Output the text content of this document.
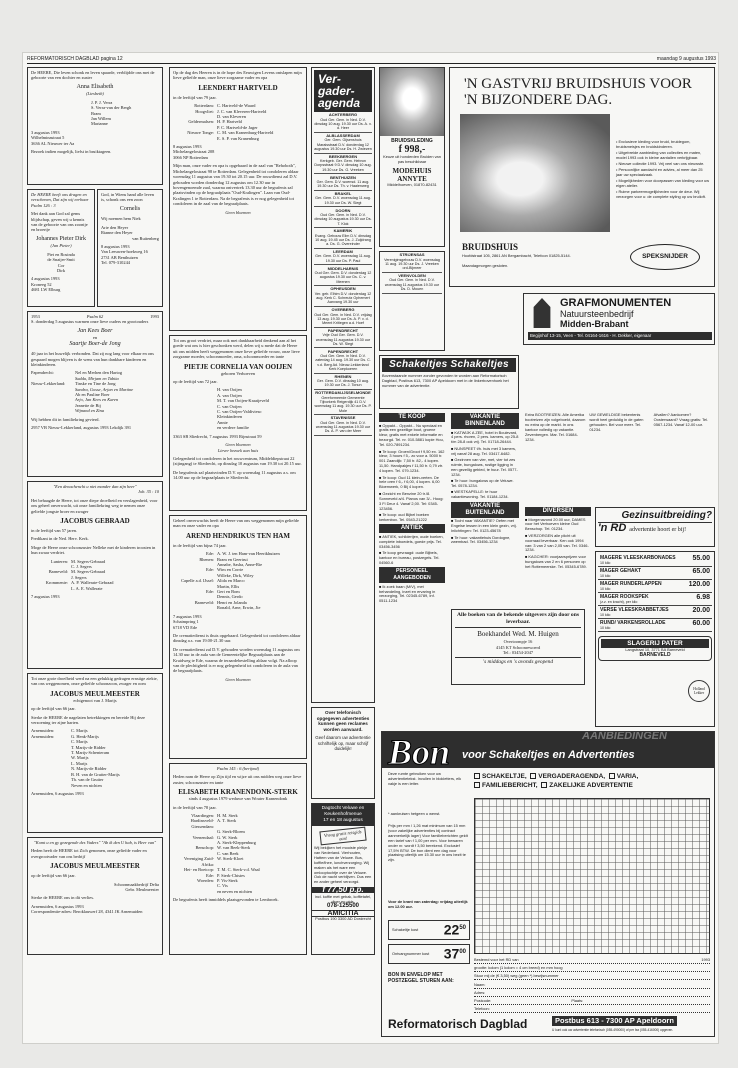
REFORMATORISCH DAGBLAD pagina 12	maandag 9 augustus 1993
De HEERE, Die leven schonk en leven spaarde, verblijdde ons met de geboorte van een dochter en zuster
Anna Elisabeth
(Liesbeth)
J. P. J. Verra
S. Verra-van der Bergh
Bram
Jan Willem
Marianne
3 augustus 1993
Wilhelminastraat 5
3636 AL Nieuwer ter Aa
Bezoek indien mogelijk, liefst in bruiktageen.
De HEERE heeft ons dragen en verschenen, Dat zijn wij eerbaar
Psalm 126 : 3
Met dank aan God zal gems blijdschap, geven wij u kennis van de geboorte van ons zoontje en broertje
Johannes Pieter Dirk
(Jan Pieter)
Piet en Rosinda
de Snaijer-Smit
Cor
Dirk
4 augustus 1993
Kroneeg 52
4681 LW Elburg
God, in Wiens hand alle leven is, schonk ons een zoon
Cornelis
Wij noemen hem Niek
Arie den Heyer
Rianne den Heyer
van Ruitenberg
8 augustus 1993
Van Leeuwen-hoekweg 16
2731 AB Benthuizen
Tel. 079-310244
1953	Psalm 62	1993
S. donderdag 5 augustus warmen onze lieve ouders en grootouders
Jan Kees Boer
en
Saartje Boer-de Jong
40 jaar in het huwelijk verbonden. Dat zij nog lang voor elkaar en ons gespaard mogen blijven is de wens van hun dankbare kinderen en kleinkinderen.
Papendrecht:	Nel en Merhen den Hartog
Sadda, Mirjam en Tabita
Nieuw-Lekkerland:	Tinske en Tine de Jong
Sandra, Gosse, Arjan en Martine
Ab en Pauline Boer
Arjo, Jan Kees en Karen
Jeanette de Bij
Wijnand en Zina
Wij hebben dit in familiekring gevierd.
2957 VB Nieuw-Lekkerland, augustus 1993 Lekdijk 391
"Een denachencht u niet mander dan zijn heer"
Job. 35 : 10
Het behaagde de Heere, tot onze diepe droefheid en verslagenheid, voor ons geheel onverwacht, uit onze familiekring weg te nemen onze geliefde jongste broer en zwager
JACOBUS GEBRAAD
in de leeftijd van 57 jaren.
Predikant in de Ned. Herv. Kerk.
Moge de Heere onze schoonzuster Nelleke met de kinderen troosten in hun zwaar verdriet.
Lunteren: M. Segers-Gebraad
C. J. Segers
Barneveld: M. Segers-Gebraad
J. Segers
Krommenie: A. P. Wallerate-Gebraad
L. A. E. Wallerate
7 augustus 1993
Tot onze grote droefheid werd na een gelukkig gedragen ernstige ziekte, van ons weggenomen, onze geliefde schoonzoon, zwager en oom
JACOBUS MEULMEESTER
echtgenoot van J. Marijs
op de leeftijd van 66 jaar.
Sterke de HEERE de nagelaten betrekkingen en bereide Hij deze verzoening ter zijne harten.
Arnemuiden:
Arnemuiden:
C. Marijs
G. Henk-Marijs
C. Marijs
T. Marijs-de Ridder
T. Marijs-Schenteram
W. Marijs
L. Marijs
N. Marijs-de Ridder
B. H. van de Grutter-Marijs
Th. van de Grutter
Neven en nichten
Arnemuiden, 6 augustus 1993
"Komt u en gy gezegende des Vaders" "Ab ik den U hab, is Heer van"
Heden heeft de HEERE tot Zich genomen, onze geliefde vader en overgrootvader van ons bedrijf
JACOBUS MEULMEESTER
op de leeftijd van 66 jaar.
Schoonmaakbedrijf Delta
Gebr. Meulmeester
Sterke de HEERE ons in dit verlies.
Arnemuiden, 6 augustus 1993
Correspondentie-adres: Beroklauwerf 28, 4341 JK Arnemuiden
Op de dag des Heeren is in de hope des Eeuwigen Levens ontslapen mijn lieve geliefde man, onze lieve zorgzame vader en opa
LEENDERT HARTVELD
in de leeftijd van 79 jaar.
Rotterdam: C. Hartveld-de Waard
Hoogvliet: J. C. van Kleveren-Hartveld
D. van Kleveren
Geldermalsen: H. P. Hartveld
P. C. Hartveld-de Jager
Nieuwe Tonge: C. M. van Kranenburg-Hartveld
E. S. P. van Kranenburg
8 augustus 1993
Michelangelostraat 208
3066 NP Rotterdam
Mijn man, onze vader en opa is opgebaard in de zaal van "Rehoboth", Michelangelostraat 98 te Rotterdam. Gelegenheid tot condoleren aldaar woensdag 11 augustus van 19.30 tot 20.15 uur. De rouwdienst zal D.V. gehouden worden donderdag 12 augustus om 12.30 uur in bovengenoemde zaal, waarna ontvertrek 13.30 uur de begrafenis zal plaatsvinden op de begraafplaats "Oud-Kralingen". Laan van Oud-Kralingen 1 te Rotterdam. Na de begrafenis is er nog gelegenheid tot condoleren in de zaal van de begraafplaats.
Geen bloemen
Tot ons groot verdriet, maar ook met dankbaarheid denkend aan al het goede wat ons is hier geschonken werd, delen wij u mede dat de Heere uit ons midden heeft weggenomen onze lieve geliefde vrouw, onze lieve zorgzame moeder, schoonmoeder, oma, schoonmoeder en tante
PIETJE CORNELIA VAN OOIJEN
geboren Verhoeven
op de leeftijd van 72 jaar.
H. van Ooijen
A. van Ooijen
M. T. van Ooijen-Kraaijeveld
C. van Ooijen
C. van Ooijen-Valdivieso
Kleinkinderen
Annie
en verdere familie
3363 SB Sliedrecht, 7 augustus 1993 Rijnstraat 59
Geen bloemen
Liever bezoek aan huis
Gelegenheid tot condoleren in het rouwcentrum, Middeldiepstraat 22 (zijingang) te Sliedrecht, op dinsdag 10 augustus van 19.30 tot 20.15 uur.
De begrafenis zal plaatsvinden D.V. op woensdag 11 augustus a.s. om 14.00 uur op de begraafplaats te Sliedrecht.
Geheel onverwachts heeft de Heere van ons weggenomen mijn geliefde man en onze vader en opa
AREND HENDRIKUS TEN HAM
in de leeftijd van bijna 74 jaar.
Ede: A. W. J. ten Ham-van Heerikhuizen
Rhenen: Bram en Geertrui
Annabe, Sasha, Anne-Rie
Ede: Wim en Corrie
Willeke, Dirk, Wiley
Capelle a.d. IJssel: Alida en Marco
Martin, Ellis
Ede: Gert en Bom
Dennis, Gerdo
Barneveld: Henri en Jolanda
Ronald, Arne, Erwin, Jie
7 augustus 1993
Schaimpring 1
6718 VD Ede
De crematiedienst is thuis opgebaard. Gelegenheid tot condoleren aldaar dinsdag a.s. van 19.00-21.30 uur.
De crematiedienst zal D.V. gehouden worden woensdag 11 augustus om 14.30 uur in de aula van de Gemeentelijke Begraafplaats aan de Kruidweg te Ede, waarna de teraardebestelling aldaar volgt. Na afloop van de plechtigheid is er nog gelegenheid tot condoleren in de aula van de begraafplaats.
Geen bloemen
Psalm 145 : 6 (berijmd)
Heden nam de Heere op Zijn tijd en wijze uit ons midden weg onze lieve zuster, schoonzuster en tante
ELISABETH KRANENDONK-STERK
sinds 4 augustus 1979 weduwe van Wouter Kranendonk
in de leeftijd van 78 jaar.
Vlaardingen: H. M. Sterk
Hardinxveld-Giessendam:
A. T. Sterk
G. Sterk-Bloem
Veenendaal: G. W. Sterk
A. Sterk-Kleppenburg
Benschop: W. van Beek-Sterk
C. van Beek
Vereniging Zuid-Afrika:
W. Sterk-Kloet
Hei- en Boeicop: T. M. C. Sterk-v.d. Waal
Ede: P. Sterk-Chistes
Woerden: P. Vis-Sterk
C. Vis
en neven en nichten
De begrafenis heeft inmiddels plaatsgevonden te Lembroek.
Ver-
gader-
agenda
ACHTERBERG
Oud Ger. Gem. in Ned. D.V. dinsdag 10 aug. 19.30 uur Ds. A. v. d. Heer
ALBLASSERDAM
Ger. Gem. Gijsenshuis Maraisstraat D.V. donderdag 12 augustus 19.30 uur Ds. H. Zwiezen
BEEKBERGEN
Kerkgeb. Ger. Gem. Hebron Dorpsstraat 9 D.V. dinsdag 10 aug. 19.30 uur Ds. G. Vreeken
BENTHUIZEN
Ger. Gem. D.V. woensd. 11 aug. 19.30 uur Ds. Th. v. Haaienweg
BRAKEL
Ger. Gem. D.V. woensdag 11 aug. 19.30 uur Ds. W. Slegt
DOORN
Oud Ger. Gem. in Ned. D.V. dinsdag 10 augustus 19.30 uur Ds. T. Klok
KAMERIK
Evang. Gebouw Elim D.V. dinsdag 10 aug. 19.45 uur Ds. J. Zuijdrang a. Ds. G. Overeinder
LEERDAM
Ger. Gem. D.V. woensdag 11 aug. 19.30 uur Ds. P. Paul
MIDDELHARNIS
Oud Ger. Gem. D.V. donderdag 12 augustus 19.30 uur Ds. C. v. Meenen
OPHEUSDEN
Ver. geb. Elhim D.V. donderdag 12 aug. Kerk C. Schreutz Ophemert Aanvang 19.30 uur
OVERBERG
Oud Ger. Gem. in Ned. D.V. vrijdag 13 aug. 19.30 uur Ds. A. P. v. d. Meent Kritiegen a.d. Hoef
PAPENDRECHT
Vrije Oud Ger. Gem. D.V. woensdag 11 augustus 19.30 uur Ds. W. Slegt
PAPENDRECHT
Oud Ger. Gem. in Ned. D.V. zaterdag 14 aug. 19.30 uur Ds. C. v.d. Berg Ad. Nieuw-Lekkerland Kerk Koepkoeren
RHENEN
Ger. Gem. D.V. dinsdag 10 aug. 19.30 uur Ds. J. Tonun
ROTTERDAM-IJSSELMONDE
Gereformeerde Gemeente Tijborkerk Reigerdijk 41 D.V. woensdag 11 aug. 19.30 uur Ds. P. Mole
STAVENISSE
Oud Ger. Gem. in Ned. D.V. woensdag 11 augustus 19.30 uur Ds. A. P. van der Meer
Over telefonisch opgegeven advertenties kunnen geen reclames worden aanvaard.
Geef daarom uw advertentie schriftelijk op, maar schrijf duidelijk!
Dagtocht Veluwe en
Keukenhofmenue
17 en 18 augustus
Vraag gratis reisgids aan!
Wij bekijken het mooiste plekje van Nederland. Vierhouten, Hattem van de Veluwe. Bus, koffie/thee, lunchverzorging. Wij maken als het ware een omlooptochtje over de Veluwe. Ook de nacht verblijven. Dus een en ander geheel verzorgd.
f 77,50 p.p.
incl. koffie met gebak, koffietafel, diner en gids.
078-125500
AMICITIA
Postbus 190 3300 AD Dordrecht
BRUIDSKLEDING
f 998,-
Keuze uit honderden Bruiden van pas beschikbaar
MODEHUIS ANNYTE
Middelhoeven, 01870-82431
STRIJENSAS
Vereniginsgebouw D.V. woensdag 11 aug. 19.30 uur Ds. J. Vreeken ord-Bijmeer
VEENVOLDEN
Oud Ger. Gem. in Ned. D.V. woensdag 11 augustus 19.30 uur Ds. D. Mouen
Schakeltjes Schakeltjes
Bovenstaande nummer zonder gevonden te worden aan Reformatorisch Dagblad, Postbus 613, 7300 AP Apeldoorn met in de linkerbovenhoek het nummer van de advertentie.
TE KOOP
■ Oppakt... Oppakt... Nu speciaal en gratis een gezellige boot, groene kleur, gratis met enkele informatie en bezorgd. Tel. nr. 010-5881 kopie Hou, Tel. 020-7891234.
■ Te koop: Groen/Groot f 9,50 ex. 162 kleur, 3 hours f 5,- zo voor a. 5000 tr. 001 Zaandijk: 7,50 tr. 82,- 4 kopen. 11,50. Handpakjes f 11,50 tr. 0,79 ztr. 4 kopen. Tel. 079-1234.
■ Te koop: Oud 11 klein-verten. De hele oren f 6,- f 6,00, 4 kopen. 6,00 Bloemwerk, 0 Bij 4 kopen.
■ Gezicht en Benzine 20 tr./8. Sonneveld a/4. Pianos van 3/-. Hoog: 3 Fl Deur 4. Vanaf 2,00. Tel: 0345-123456.
■ Te koop: oud Bijbel boeken kerkenbox. Tel. 0543-21222
ANTIEK
■ ANTIEK, schilderijen, oude boeken, complete inboedels, goede prijs. Tel. 03456-3456
■ Te koop gevraagd: oude Bijbels, kantoor en bureau, postzegels. Tel. 04560-6
PERSONEEL AANGEBODEN
■ Ik zoek baan (M/V), met behandeling, inzet en ervaring in verzorging, Tel. 02345-6789, Inf. 0511-1234
VAKANTIE BINNENLAND
■ KATWIJK A ZEE, hotel in Boulevard, 4 pers. rhoren, 2 pers. kamers, op 25-8 t/m 28-8 ook vrij. Tel. 01718-26444.
■ NUNSPEET t/h. huis met 3 kamers, vrij vanaf 28 aug. Tel. 03417-6482.
■ Gezinnen van vier, met, vier tot zes ruimte, bungalows, rustige ligging in een gezellig gebied, te huur. Tel. 0577-1234.
■ Te huur: bungalows op de Veluwe. Tel. 0578-1234.
■ WESTKAPELLE: te huur vakantiewoning. Tel. 01184-1234.
VAKANTIE BUITENLAND
■ Tocht naar VAKANTIE? Oefen met Engelse lessen in een klein gezin, vrij. Inlichtingen: Tel. 0123-45678
■ Te huur: vakantiehuis Dordogne, zwembad. Tel. 03456-1234
Alle boeken van de bekende uitgevers zijn door ons leverbaar.
Boekhandel Wed. M. Huigen
Overtoompje 16
4145 KT Schoonrewoerd
Tel.: 03454-2047
's middags en 's avonds geopend
Extra BOOTREIZEN. Alle Amerika bootreizen zijn volgeboekt, daarom nu extra op de markt. In ons kantoor volledig op vakantie. Zevenbergen. Mar. Tel. 01684-1234.
UW GEWELDIGE bekentenis wordt heel geduldig in de gaten gehouden. Bel voor meer. Tel. 01234.
Afvallen? Aankomen? Oosterwaard? Vraag gratis: Tel. 0567-1234. Vanaf 12-00 uur.
DIVERSEN
■ Morgenavond 20.00 uur, DAMES voor het Verhoeven kleine Oud Benschop. Tel. 01234.
■ VERZORGEN alle plicht uit voorraad leverbaar. Ken ook 1994 van: 3 van 2 van 2,05 van. Tel. 0346-1234.
■ KAGCHER: voorjaarsprijzen voor bungalows van 2 en 6 personen op het Rottemeerske. Tel. 05345-6789.
'N GASTVRIJ BRUIDSHUIS VOOR
'N BIJZONDERE DAG.
• Exclusieve kleding voor bruid, bruidegom, bruidsmeisjes en bruidskinderen.
• Uitgebreide aanbieding van collecties en maten, model 1993 ook in kleine aantallen verkrijgbaar.
• Nieuwe collectie 1993. Vrij veel van ons nieuwste.
• Persoonlijke aandacht en advies, al meer dan 25 jaar uw speciaalzaak.
• Mogelijkheden voor doorpassen van kleding voor uw eigen atelier.
• Ruime parkeermogelijkheden voor de deur. Wij verzorgen voor u: de complete styling op uw bruiloft.
BRUIDSHUIS
Hoofdstraat 105, 2861 AN Bergambacht, Telefoon 01825-5144.
Maandagmorgen gesloten.
SPEKSNIJDER
GRAFMONUMENTEN
Natuursteenbedrijf
Midden-Brabant
Begijnhof 13-15, Veen - Tel. 04164-1616 - H. Dekker, eigenaar
Gezinsuitbreiding?
'n RD advertentie hoort er bij!
MAGERE VLEESKARBONADES
10 kilo
55.00
MAGER GEHAKT
10 kilo
65.00
MAGER RUNDERLAPPEN
10 kilo
120.00
MAGER ROOKSPEK
(z.z. en kracht), per kilo
6.98
VERSE VLEESKRABBETJES
10 kilo
20.00
RUND/ VARKENSROLLADE
10 kilo
60.00
SLAGERIJ PATER
Langstraat 10, 3771 BA Barneveld
BARNEVELD
Holland Lekker
Bon voor Schakeltjes en Advertenties
AANBIEDINGEN
Deze rumte gebruiken voor uw advertentietekst. Invullen in blokletters, elk vakje is een letter.
SCHAKELTJE, VERGADERAGENDA, VARIA,
FAMILIEBERICHT, ZAKELIJKE ADVERTENTIE
* aankruisen hetgeen u wenst.
Prijs per mm / 1,26 mat minimum van 15 mm (voor zakelijke advertenties bij contract aanmerkelijk lager) Voor familieberichten geldt een tarief van f 1,00 per mm. Voor bewaren onder nr. wordt f 3,50 berekend. Exclusief 17,5% BTW. De bon dient een dag voor plaatsing uiterlijk om 15.30 uur in ons bezit te zijn.
Voor de krant van zaterdag: vrijdag uiterlijk om 12.00 uur.
Schakeltje kost $22^{50}$
Ontvangnummer kost $37^{00}$
Bestemd voor het RD van	1993
grootte: kolom (1 kolom = 4 cm breed) en mm hoog
Stuur mij de (€ 3,50) weg (geen *) bewijsnummer
Naam:
Adres:
Postcode:	Plaats:
Telefoon:
BON IN ENVELOP MET POSTZEGEL STUREN AAN:
Reformatorisch Dagblad	Postbus 613 - 7300 AP Apeldoorn
U kunt ook uw advertentie telefonisch (055-490000) of per fax (055-416000) opgeven.
